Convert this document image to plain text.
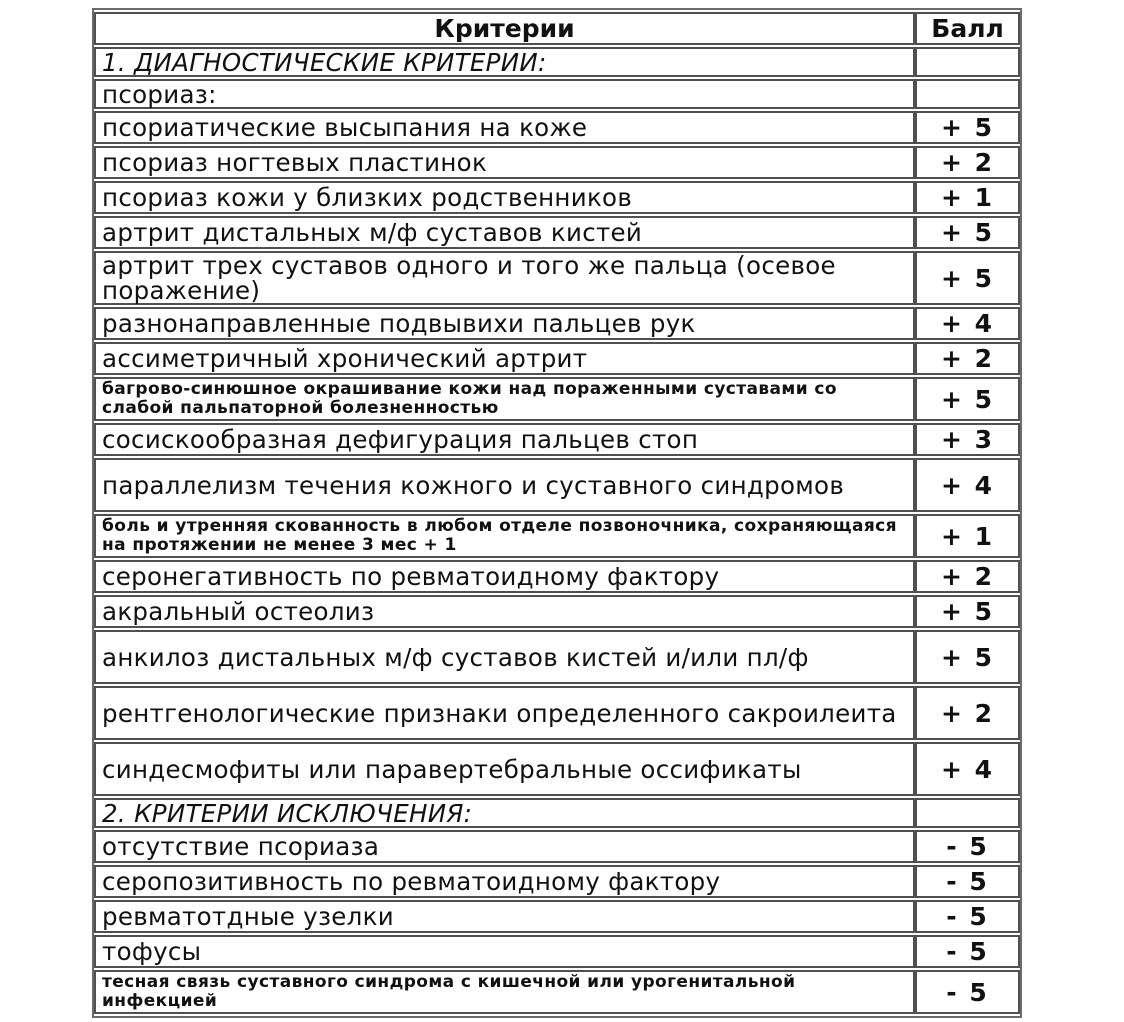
Критерии	Балл
1. ДИАГНОСТИЧЕСКИЕ КРИТЕРИИ:	
псориаз:	
псориатические высыпания на коже	+ 5
псориаз ногтевых пластинок	+ 2
псориаз кожи у близких родственников	+ 1
артрит дистальных м/ф суставов кистей	+ 5
артрит трех суставов одного и того же пальца (осевое поражение)	+ 5
разнонаправленные подвывихи пальцев рук	+ 4
ассиметричный хронический артрит	+ 2
багрово-синюшное окрашивание кожи над пораженными суставами со слабой пальпаторной болезненностью	+ 5
сосискообразная дефигурация пальцев стоп	+ 3
параллелизм течения кожного и суставного синдромов	+ 4
боль и утренняя скованность в любом отделе позвоночника, сохраняющаяся на протяжении не менее 3 мес + 1	+ 1
серонегативность по ревматоидному фактору	+ 2
акральный остеолиз	+ 5
анкилоз дистальных м/ф суставов кистей и/или пл/ф	+ 5
рентгенологические признаки определенного сакроилеита	+ 2
синдесмофиты или паравертебральные оссификаты	+ 4
2. КРИТЕРИИ ИСКЛЮЧЕНИЯ:	
отсутствие псориаза	- 5
серопозитивность по ревматоидному фактору	- 5
ревматотдные узелки	- 5
тофусы	- 5
тесная связь суставного синдрома с кишечной или урогенитальной инфекцией	- 5
